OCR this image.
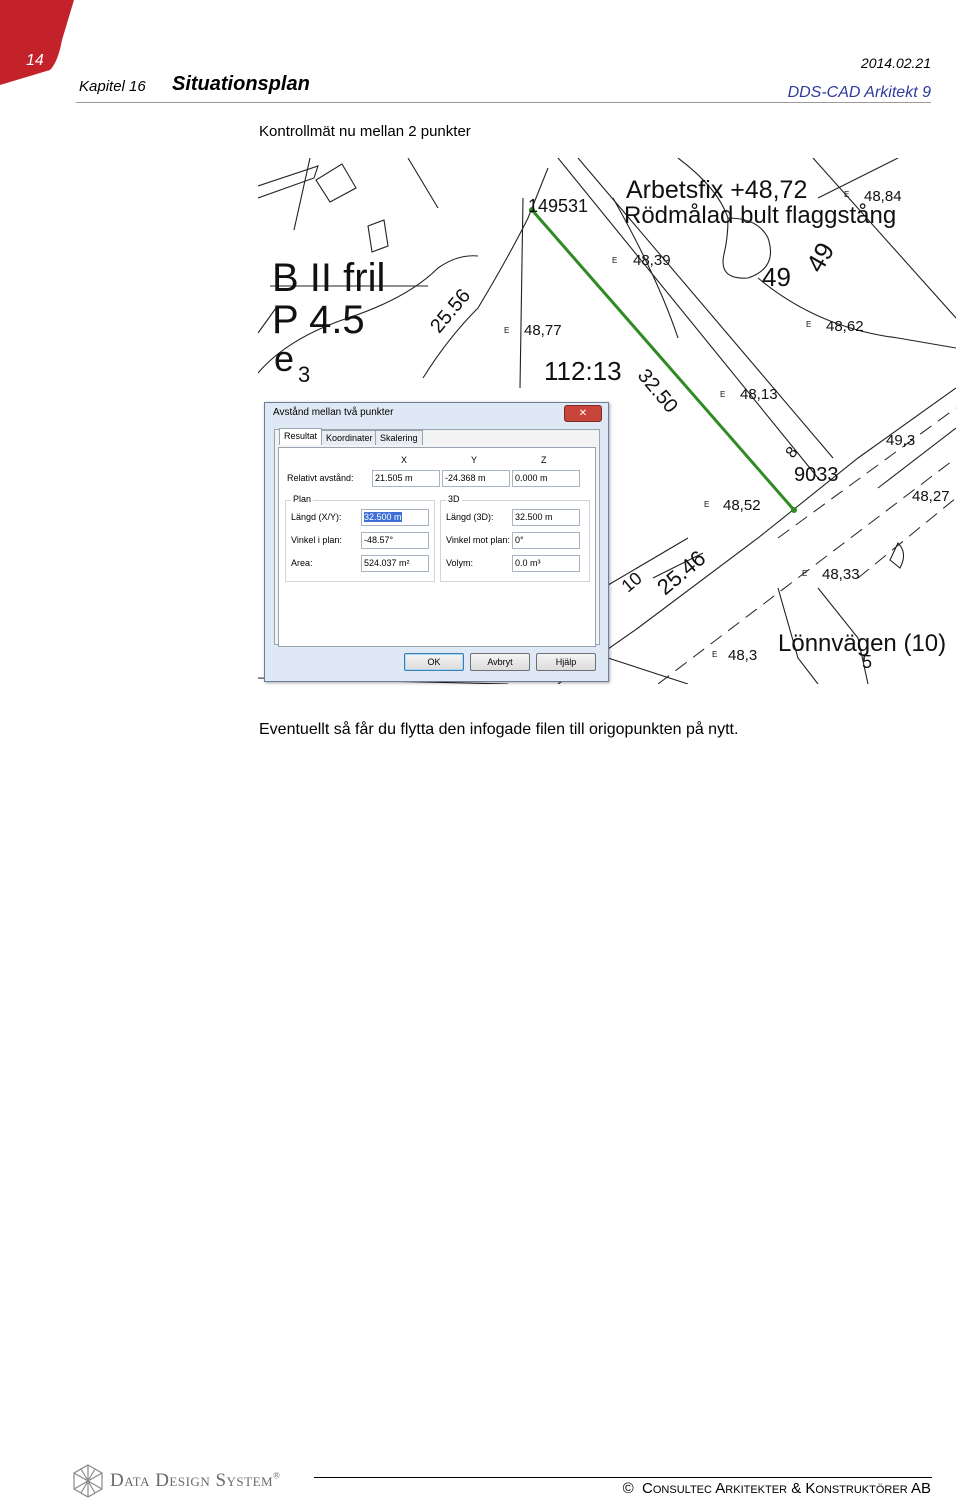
14
Kapitel 16 Situationsplan
2014.02.21
DDS-CAD Arkitekt 9
Kontrollmät nu mellan 2 punkter
149531
Arbetsfix +48,72
Rödmålad bult flaggstång
B II fril
P 4.5
e 3
25.56
112:13 32.50
9033
8
25.46
10
49 49
48,84
48,39
48,77	48,62
48,13
49,3
48,52
48,27
48,33
48,3 Lönnvägen (10)
5
E
E
E
E
E
E
E
E
Avstånd mellan två punkter	✕
Resultat Koordinater Skalering
X	Y	Z
Relativt avstånd:	21.505 m	-24.368 m	0.000 m
Plan
Längd (X/Y):	32.500 m
Vinkel i plan:	-48.57°
Area:	524.037 m²
3D
Längd (3D):	32.500 m
Vinkel mot plan: 0°
Volym:	0.0 m³
OK	Avbryt	Hjälp
Eventuellt så får du flytta den infogade filen till origopunkten på nytt.
Data Design System®
© Consultec Arkitekter & Konstruktörer AB
